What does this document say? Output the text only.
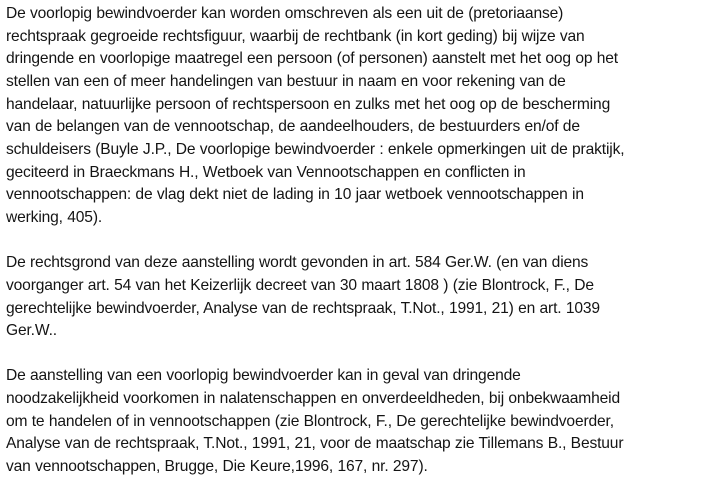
De voorlopig bewindvoerder kan worden omschreven als een uit de (pretoriaanse)
rechtspraak gegroeide rechtsfiguur, waarbij de rechtbank (in kort geding) bij wijze van
dringende en voorlopige maatregel een persoon (of personen) aanstelt met het oog op het
stellen van een of meer handelingen van bestuur in naam en voor rekening van de
handelaar, natuurlijke persoon of rechtspersoon en zulks met het oog op de bescherming
van de belangen van de vennootschap, de aandeelhouders, de bestuurders en/of de
schuldeisers (Buyle J.P., De voorlopige bewindvoerder : enkele opmerkingen uit de praktijk,
geciteerd in Braeckmans H., Wetboek van Vennootschappen en conflicten in
vennootschappen: de vlag dekt niet de lading in 10 jaar wetboek vennootschappen in
werking, 405).

De rechtsgrond van deze aanstelling wordt gevonden in art. 584 Ger.W. (en van diens
voorganger art. 54 van het Keizerlijk decreet van 30 maart 1808 ) (zie Blontrock, F., De
gerechtelijke bewindvoerder, Analyse van de rechtspraak, T.Not., 1991, 21) en art. 1039
Ger.W..

De aanstelling van een voorlopig bewindvoerder kan in geval van dringende
noodzakelijkheid voorkomen in nalatenschappen en onverdeeldheden, bij onbekwaamheid
om te handelen of in vennootschappen (zie Blontrock, F., De gerechtelijke bewindvoerder,
Analyse van de rechtspraak, T.Not., 1991, 21, voor de maatschap zie Tillemans B., Bestuur
van vennootschappen, Brugge, Die Keure,1996, 167, nr. 297).
